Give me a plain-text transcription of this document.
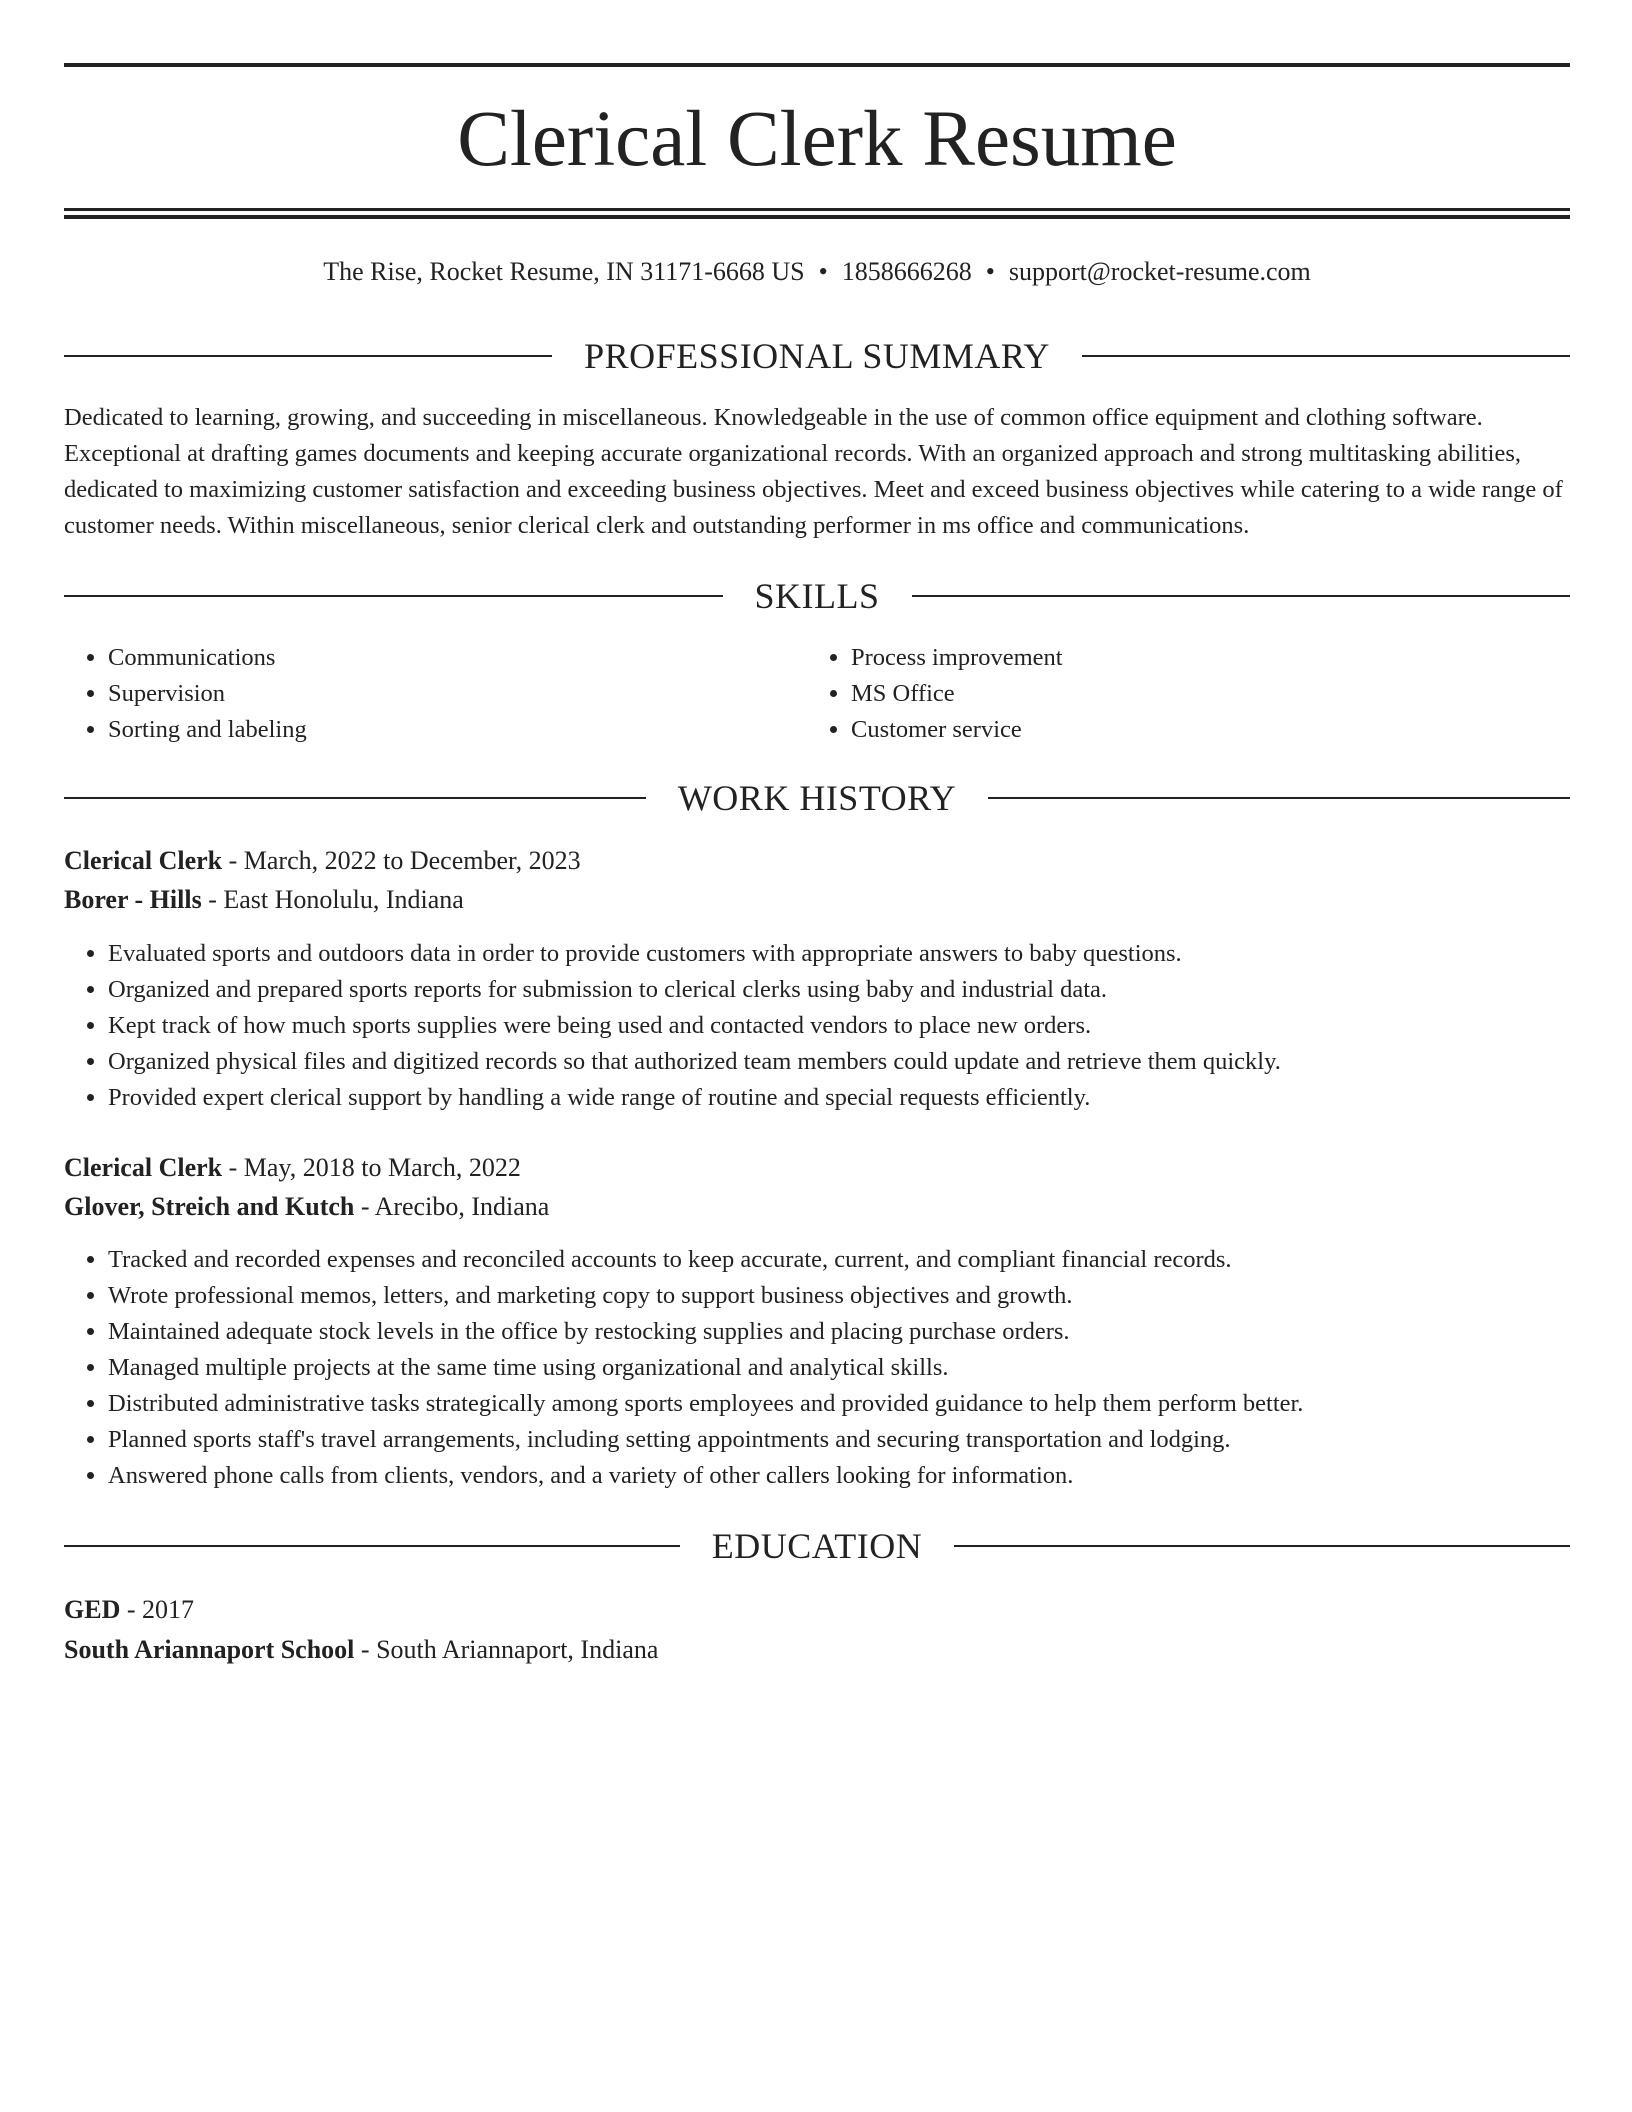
Clerical Clerk Resume
The Rise, Rocket Resume, IN 31171-6668 US • 1858666268 • support@rocket-resume.com
PROFESSIONAL SUMMARY

Dedicated to learning, growing, and succeeding in miscellaneous. Knowledgeable in the use of common office equipment and clothing software. Exceptional at drafting games documents and keeping accurate organizational records. With an organized approach and strong multitasking abilities, dedicated to maximizing customer satisfaction and exceeding business objectives. Meet and exceed business objectives while catering to a wide range of customer needs. Within miscellaneous, senior clerical clerk and outstanding performer in ms office and communications.

SKILLS
• Communications
• Supervision
• Sorting and labeling
• Process improvement
• MS Office
• Customer service
WORK HISTORY
Clerical Clerk - March, 2022 to December, 2023
Borer - Hills - East Honolulu, Indiana
• Evaluated sports and outdoors data in order to provide customers with appropriate answers to baby questions.
• Organized and prepared sports reports for submission to clerical clerks using baby and industrial data.
• Kept track of how much sports supplies were being used and contacted vendors to place new orders.
• Organized physical files and digitized records so that authorized team members could update and retrieve them quickly.
• Provided expert clerical support by handling a wide range of routine and special requests efficiently.
Clerical Clerk - May, 2018 to March, 2022
Glover, Streich and Kutch - Arecibo, Indiana
• Tracked and recorded expenses and reconciled accounts to keep accurate, current, and compliant financial records.
• Wrote professional memos, letters, and marketing copy to support business objectives and growth.
• Maintained adequate stock levels in the office by restocking supplies and placing purchase orders.
• Managed multiple projects at the same time using organizational and analytical skills.
• Distributed administrative tasks strategically among sports employees and provided guidance to help them perform better.
• Planned sports staff's travel arrangements, including setting appointments and securing transportation and lodging.
• Answered phone calls from clients, vendors, and a variety of other callers looking for information.
EDUCATION
GED - 2017
South Ariannaport School - South Ariannaport, Indiana
